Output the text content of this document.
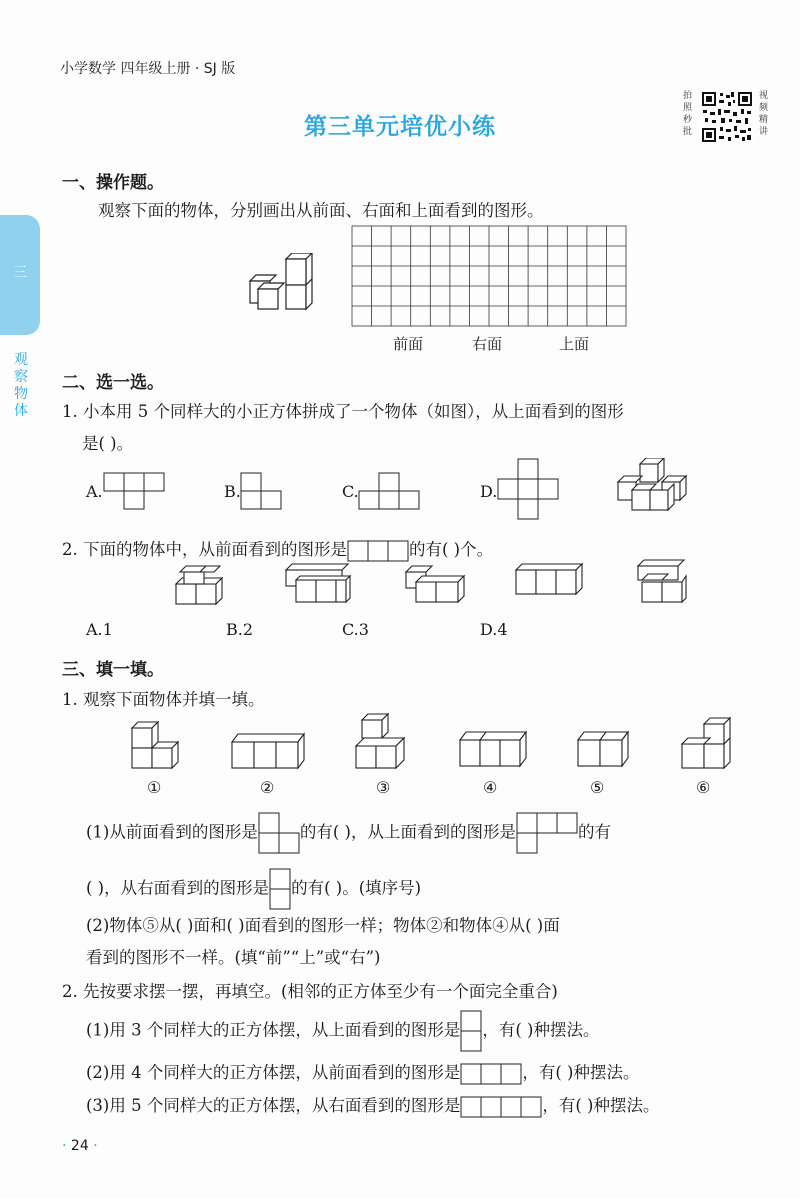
小学数学 四年级上册 · SJ 版
第三单元培优小练
拍
照
秒
批
视
频
精
讲
三
观
察
物
体
一、操作题。
观察下面的物体，分别画出从前面、右面和上面看到的图形。
前面	右面	上面
二、选一选。
1. 小本用 5 个同样大的小正方体拼成了一个物体（如图），从上面看到的图形
是( )。
A.	B.	C.	D.
2. 下面的物体中，从前面看到的图形是	的有( )个。
A.1	B.2	C.3	D.4
三、填一填。
1. 观察下面物体并填一填。
①	②	③	④	⑤	⑥
(1)从前面看到的图形是	的有( )，从上面看到的图形是	的有
( )，从右面看到的图形是 的有( )。(填序号)
(2)物体⑤从( )面和( )面看到的图形一样；物体②和物体④从( )面
看到的图形不一样。(填“前”“上”或“右”)
2. 先按要求摆一摆，再填空。(相邻的正方体至少有一个面完全重合)
(1)用 3 个同样大的正方体摆，从上面看到的图形是 ，有( )种摆法。
(2)用 4 个同样大的正方体摆，从前面看到的图形是	，有( )种摆法。
(3)用 5 个同样大的正方体摆，从右面看到的图形是	，有( )种摆法。
· 24 ·
